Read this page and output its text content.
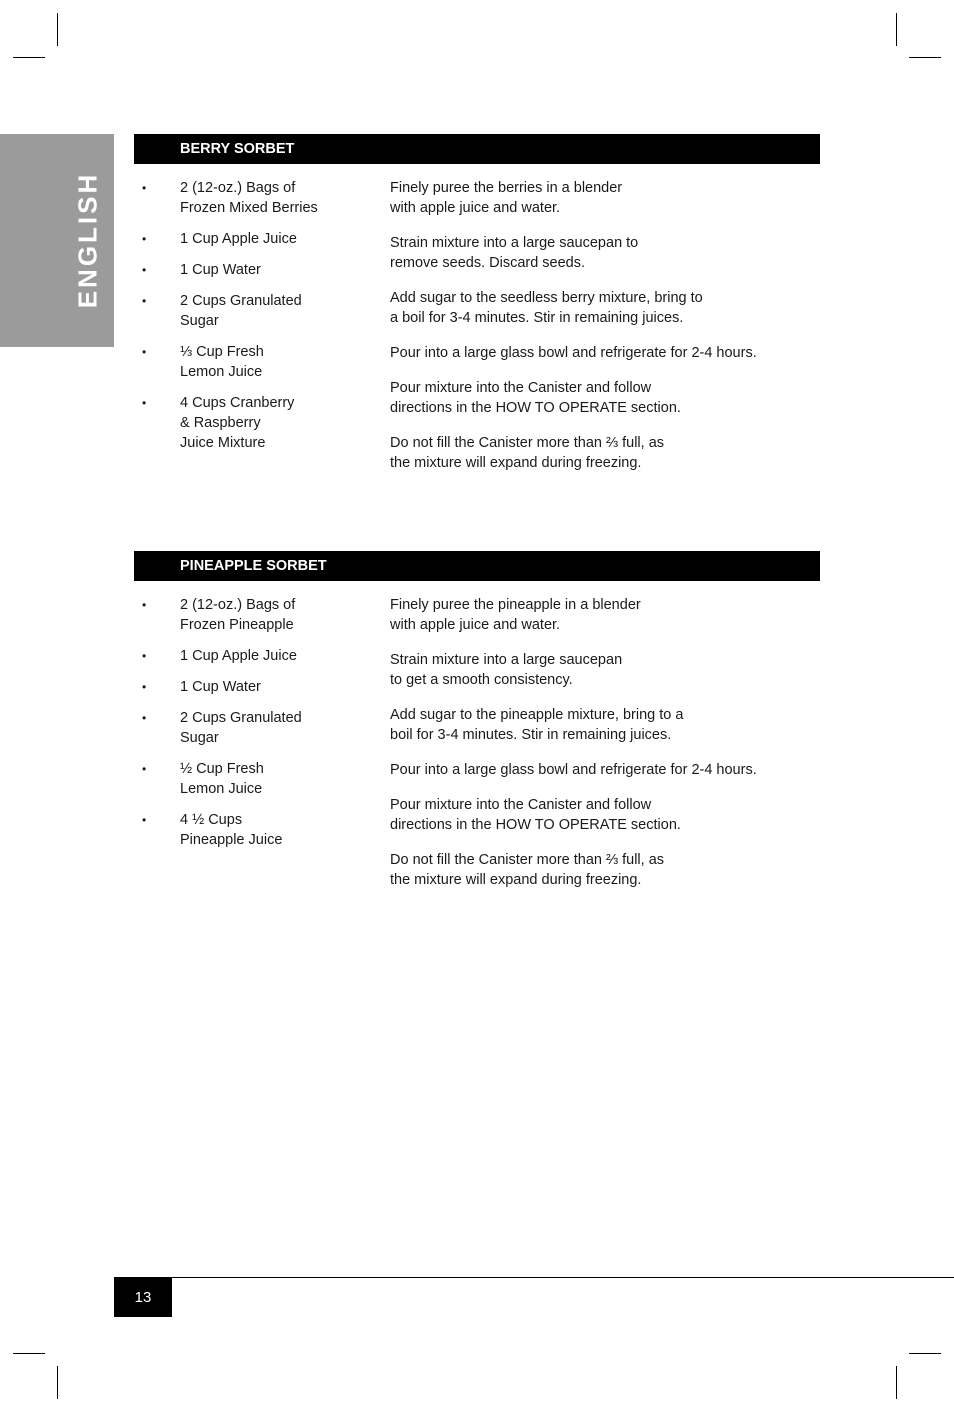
ENGLISH
BERRY SORBET
• 2 (12-oz.) Bags of
Frozen Mixed Berries
• 1 Cup Apple Juice
• 1 Cup Water
• 2 Cups Granulated
Sugar
• ⅓ Cup Fresh
Lemon Juice
• 4 Cups Cranberry
& Raspberry
Juice Mixture

Finely puree the berries in a blender
with apple juice and water.

Strain mixture into a large saucepan to
remove seeds. Discard seeds.

Add sugar to the seedless berry mixture, bring to
a boil for 3-4 minutes. Stir in remaining juices.

Pour into a large glass bowl and refrigerate for 2-4 hours.

Pour mixture into the Canister and follow
directions in the HOW TO OPERATE section.

Do not fill the Canister more than ⅔ full, as
the mixture will expand during freezing.

PINEAPPLE SORBET
• 2 (12-oz.) Bags of
Frozen Pineapple
• 1 Cup Apple Juice
• 1 Cup Water
• 2 Cups Granulated
Sugar
• ½ Cup Fresh
Lemon Juice
• 4 ½ Cups
Pineapple Juice

Finely puree the pineapple in a blender
with apple juice and water.

Strain mixture into a large saucepan
to get a smooth consistency.

Add sugar to the pineapple mixture, bring to a
boil for 3-4 minutes. Stir in remaining juices.

Pour into a large glass bowl and refrigerate for 2-4 hours.

Pour mixture into the Canister and follow
directions in the HOW TO OPERATE section.

Do not fill the Canister more than ⅔ full, as
the mixture will expand during freezing.

13
